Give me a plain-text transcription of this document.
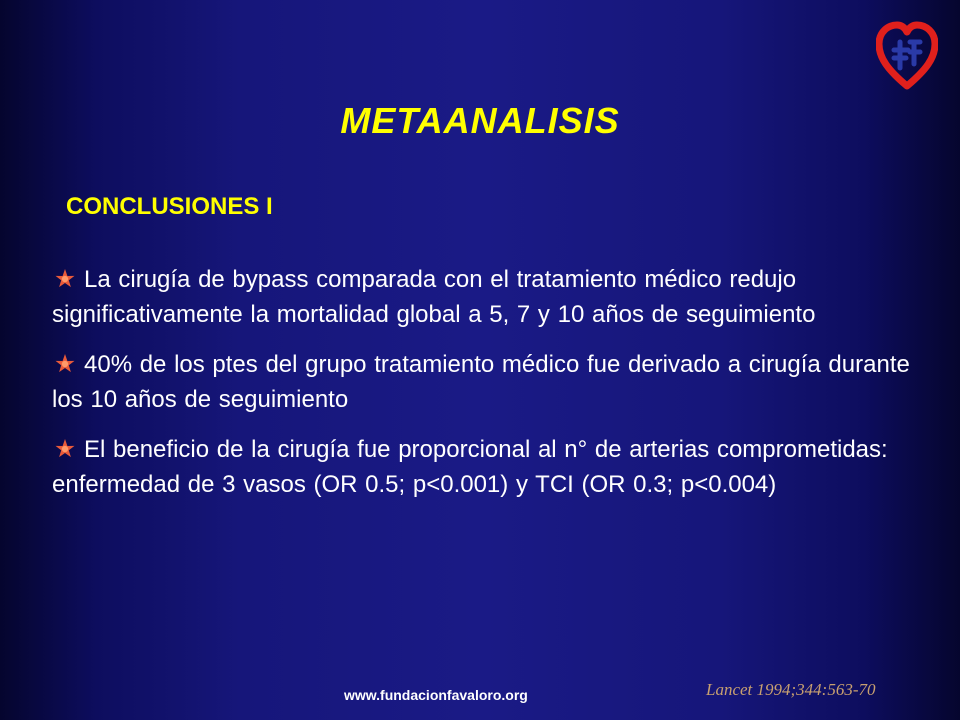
METAANALISIS
CONCLUSIONES I
La cirugía de bypass comparada con el tratamiento médico redujo significativamente la mortalidad global a 5, 7 y 10 años de seguimiento
40% de los ptes del grupo tratamiento médico fue derivado a cirugía durante los 10 años de seguimiento
El beneficio de la cirugía fue proporcional al n° de arterias comprometidas: enfermedad de 3 vasos (OR 0.5; p<0.001) y TCI (OR 0.3; p<0.004)
Lancet 1994;344:563-70
www.fundacionfavaloro.org
